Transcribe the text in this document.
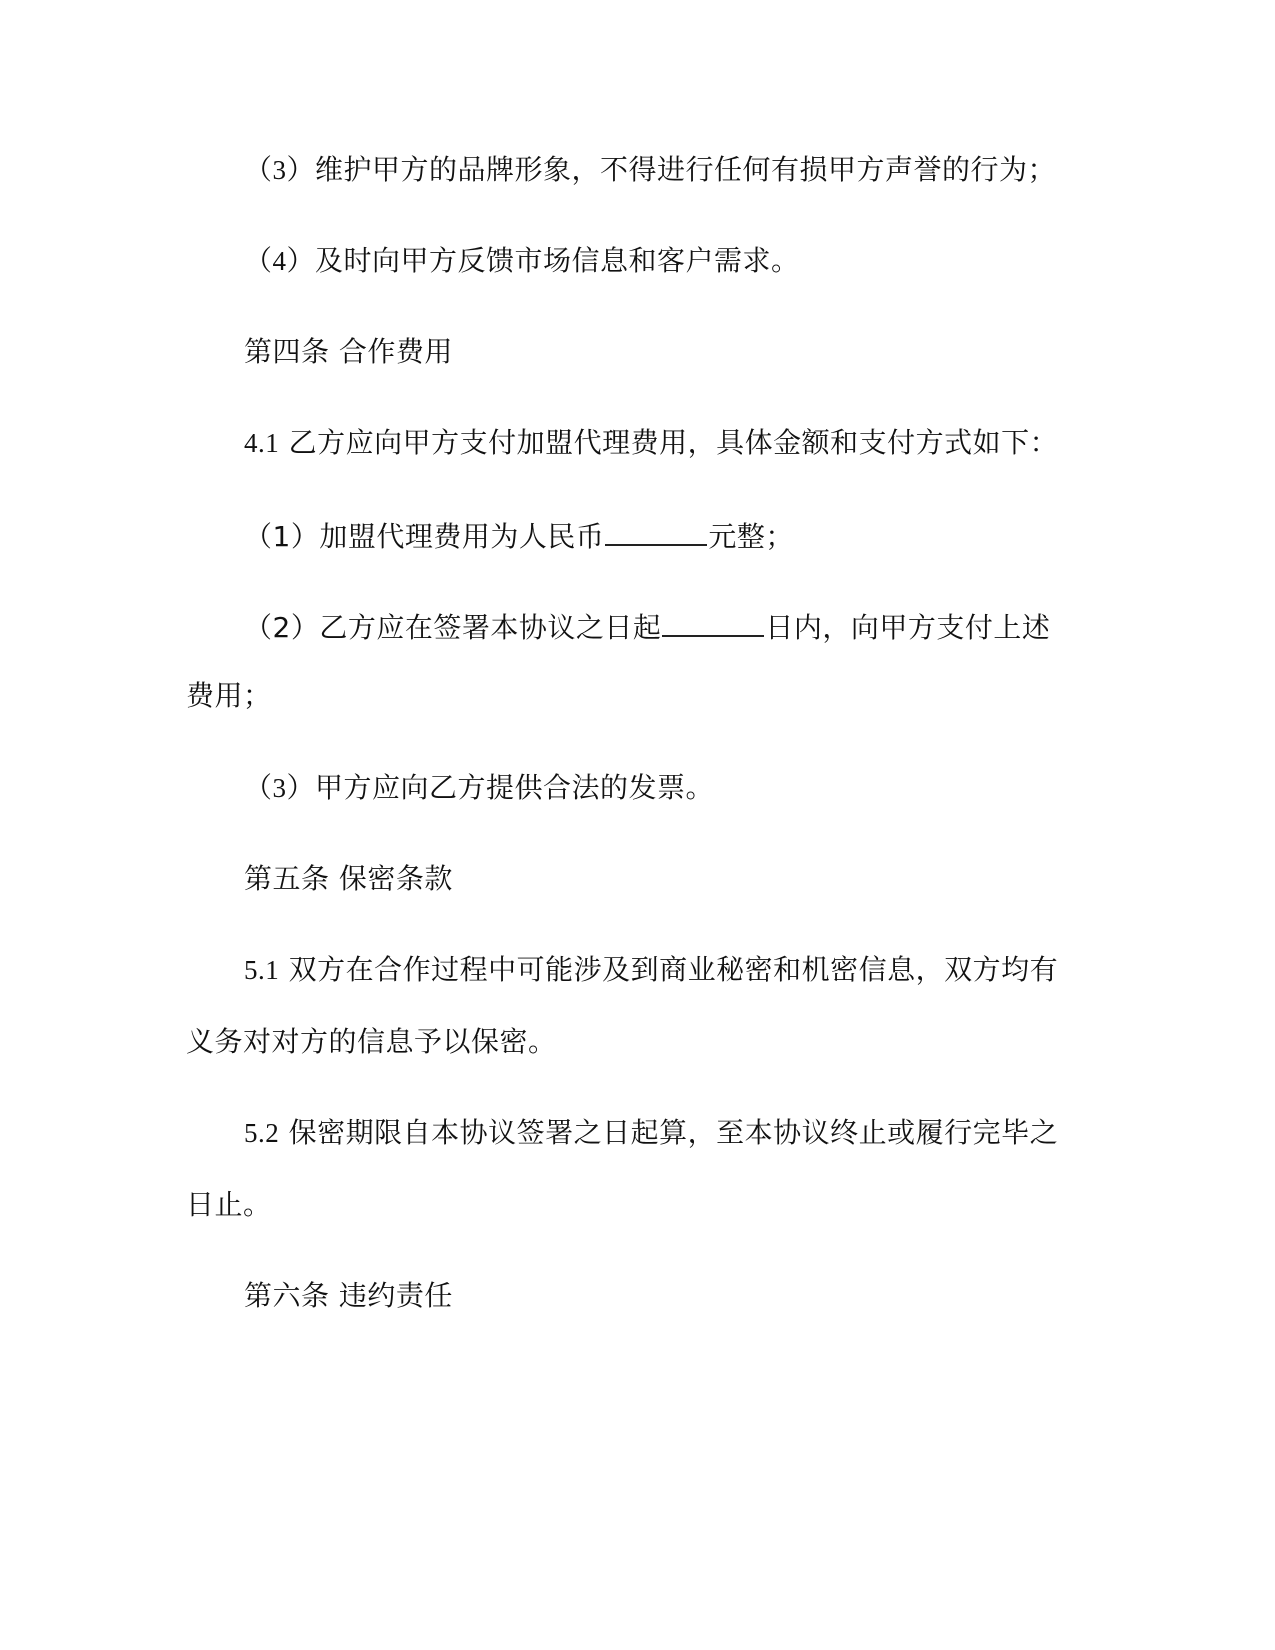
（3）维护甲方的品牌形象，不得进行任何有损甲方声誉的行为；
（4）及时向甲方反馈市场信息和客户需求。
第四条 合作费用
4.1 乙方应向甲方支付加盟代理费用，具体金额和支付方式如下：
（1）加盟代理费用为人民币	元整；
（2）乙方应在签署本协议之日起	日内，向甲方支付上述
费用；
（3）甲方应向乙方提供合法的发票。
第五条 保密条款
5.1 双方在合作过程中可能涉及到商业秘密和机密信息，双方均有
义务对对方的信息予以保密。
5.2 保密期限自本协议签署之日起算，至本协议终止或履行完毕之
日止。
第六条 违约责任
